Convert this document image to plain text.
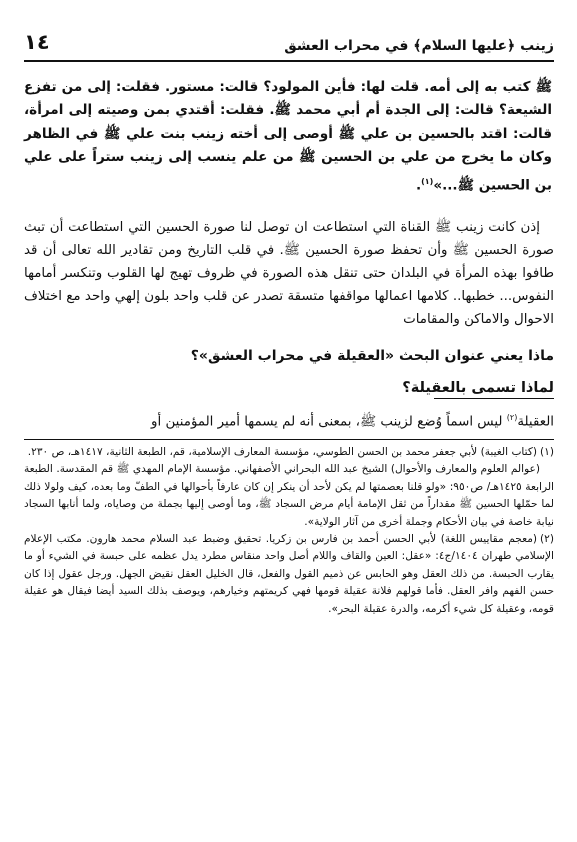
زينب ﴿عليها السلام﴾ في محراب العشق
١٤

ﷺ كتب به إلى أمه. قلت لها: فأين المولود؟ قالت: مستور. فقلت: إلى من تفزع الشيعة؟ قالت: إلى الجدة أم أبي محمد ﷺ. فقلت: أقتدي بمن وصيته إلى امرأة، قالت: اقتد بالحسين بن علي ﷺ أوصى إلى أخته زينب بنت علي ﷺ في الظاهر وكان ما يخرج من علي بن الحسين ﷺ من علم ينسب إلى زينب ستراً على علي بن الحسين ﷺ...»$^{(١)}$.

إذن كانت زينب ﷺ القناة التي استطاعت ان توصل لنا صورة الحسين التي استطاعت أن تبث صورة الحسين ﷺ وأن تحفظ صورة الحسين ﷺ. في قلب التاريخ ومن تقادير الله تعالى أن قد طافوا بهذه المرأة في البلدان حتى تنقل هذه الصورة في ظروف تهيج لها القلوب وتنكسر أمامها النفوس... خطبها.. كلامها اعمالها مواقفها متسقة تصدر عن قلب واحد بلون إلهي واحد مع اختلاف الاحوال والاماكن والمقامات

ماذا يعني عنوان البحث «العقيلة في محراب العشق»؟

لماذا تسمى بالعقيلة؟

العقيلة$^{(٢)}$ ليس اسماً وُضع لزينب ﷺ، بمعنى أنه لم يسمها أمير المؤمنين أو

(١)(كتاب الغيبة) لأبي جعفر محمد بن الحسن الطوسي، مؤسسة المعارف الإسلامية، قم، الطبعة الثانية، ١٤١٧هـ، ص ٢٣٠.

(عوالم العلوم والمعارف والأحوال) الشيخ عبد الله البحراني الأصفهاني. مؤسسة الإمام المهدي ﷺ قم المقدسة. الطبعة الرابعة ١٤٢٥هـ/ ص٩٥٠: «ولو قلنا بعصمتها لم يكن لأحد أن ينكر إن كان عارفاً بأحوالها في الطفّ وما بعده، كيف ولولا ذلك لما حمّلها الحسين ﷺ مقداراً من ثقل الإمامة أيام مرض السجاد ﷺ، وما أوصى إليها بجملة من وصاياه، ولما أنابها السجاد نيابة خاصة في بيان الأحكام وجملة أخرى من آثار الولاية».

(٢)(معجم مقاييس اللغة) لأبي الحسن أحمد بن فارس بن زكريا. تحقيق وضبط عبد السلام محمد هارون. مكتب الإعلام الإسلامي طهران ١٤٠٤/ج٤: «عقل: العين والقاف واللام أصل واحد منقاس مطرد يدل عظمه على حبسة في الشيء أو ما يقارب الحبسة. من ذلك العقل وهو الحابس عن ذميم القول والفعل، قال الخليل العقل نقيض الجهل. ورجل عقول إذا كان حسن الفهم وافر العقل. فأما قولهم فلانة عقيلة قومها فهي كريمتهم وخيارهم، ويوصف بذلك السيد أيضا فيقال هو عقيلة قومه، وعقيلة كل شيء أكرمه، والدرة عقيلة البحر».
